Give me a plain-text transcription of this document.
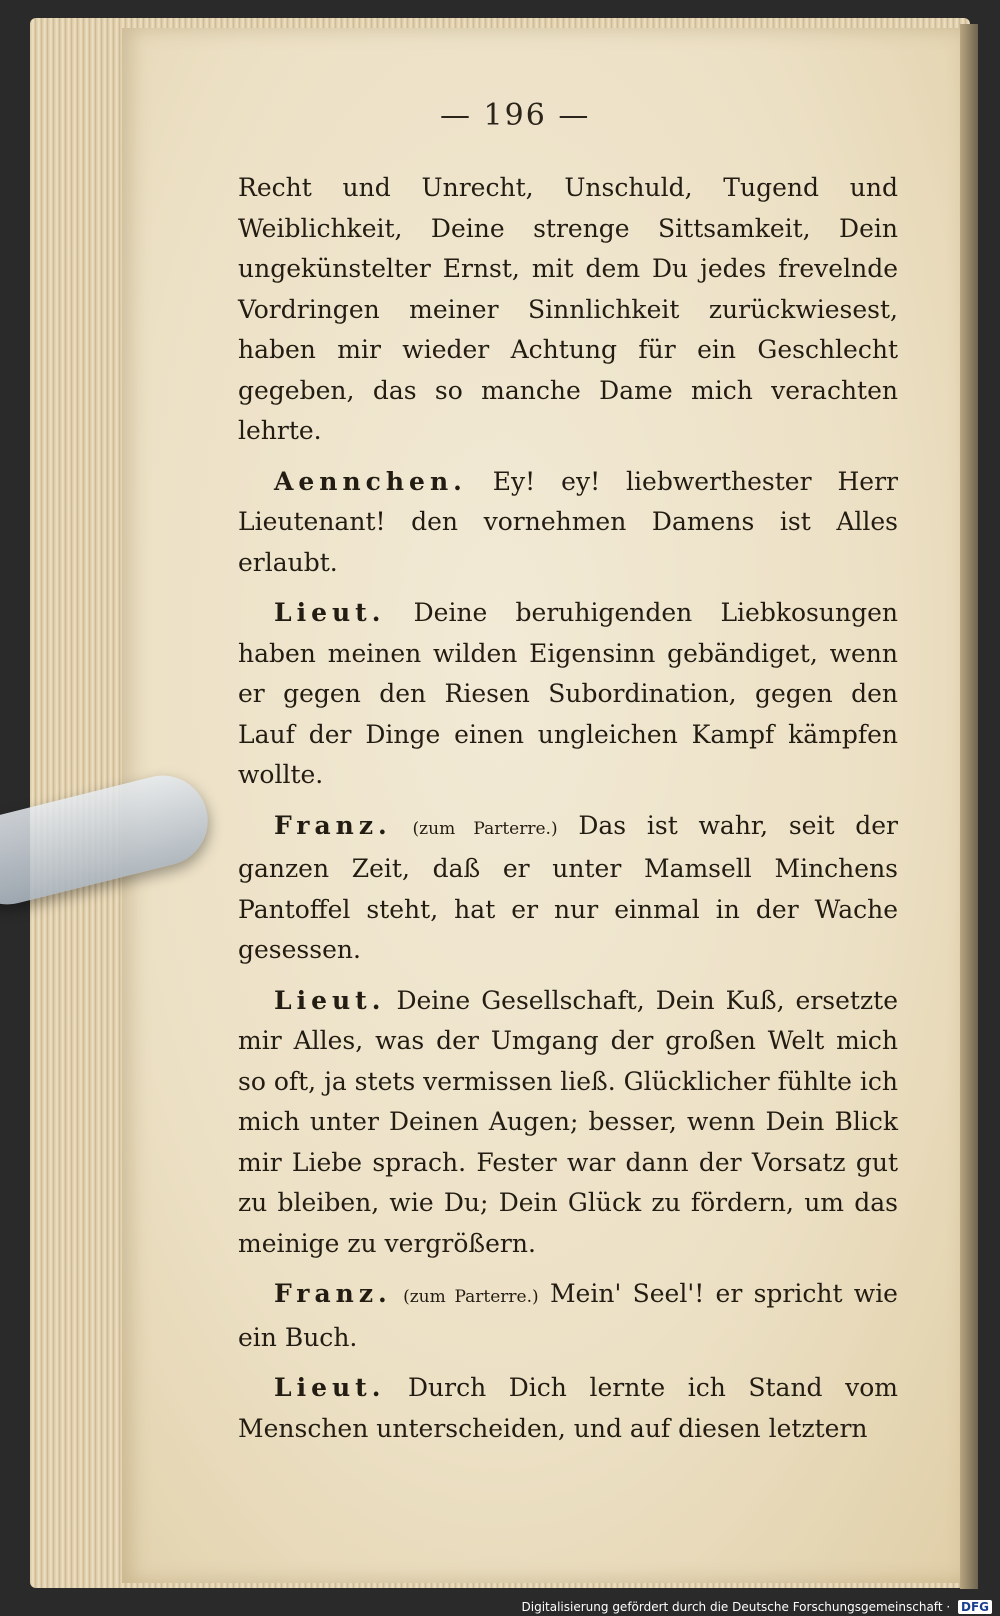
— 196 —

Recht und Unrecht, Unschuld, Tugend und Weiblichkeit, Deine strenge Sittsamkeit, Dein ungekünstelter Ernst, mit dem Du jedes frevelnde Vordringen meiner Sinnlichkeit zurückwiesest, haben mir wieder Achtung für ein Geschlecht gegeben, das so manche Dame mich verachten lehrte.

Aennchen. Ey! ey! liebwerthester Herr Lieutenant! den vornehmen Damens ist Alles erlaubt.

Lieut. Deine beruhigenden Liebkosungen haben meinen wilden Eigensinn gebändiget, wenn er gegen den Riesen Subordination, gegen den Lauf der Dinge einen ungleichen Kampf kämpfen wollte.

Franz. (zum Parterre.) Das ist wahr, seit der ganzen Zeit, daß er unter Mamsell Minchens Pantoffel steht, hat er nur einmal in der Wache gesessen.

Lieut. Deine Gesellschaft, Dein Kuß, ersetzte mir Alles, was der Umgang der großen Welt mich so oft, ja stets vermissen ließ. Glücklicher fühlte ich mich unter Deinen Augen; besser, wenn Dein Blick mir Liebe sprach. Fester war dann der Vorsatz gut zu bleiben, wie Du; Dein Glück zu fördern, um das meinige zu vergrößern.

Franz. (zum Parterre.) Mein' Seel'! er spricht wie ein Buch.

Lieut. Durch Dich lernte ich Stand vom Menschen unterscheiden, und auf diesen letztern

Digitalisierung gefördert durch die Deutsche Forschungsgemeinschaft · DFG
